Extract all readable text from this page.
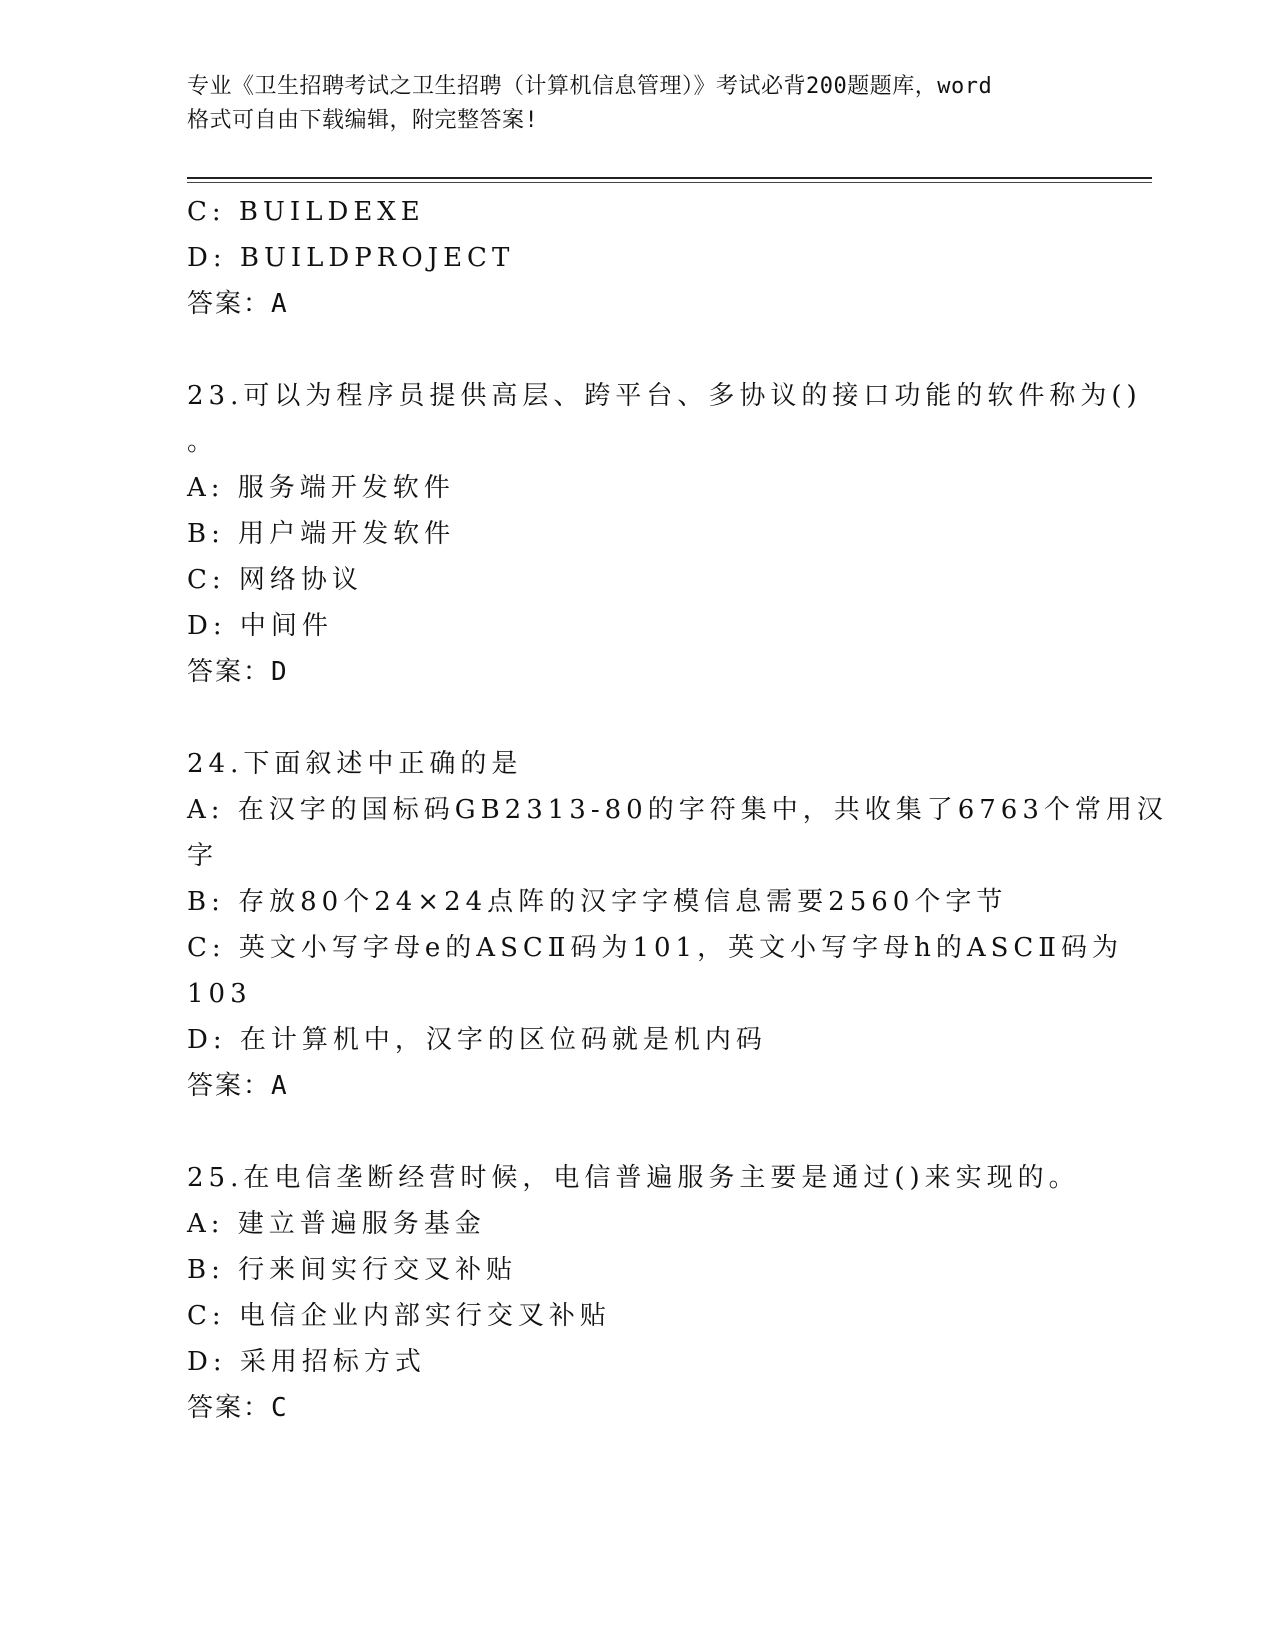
专业《卫生招聘考试之卫生招聘（计算机信息管理）》考试必背200题题库，word
格式可自由下载编辑，附完整答案!
C: BUILDEXE
D: BUILDPROJECT
答案：A
23.可以为程序员提供高层、跨平台、多协议的接口功能的软件称为()
。
A: 服务端开发软件
B: 用户端开发软件
C: 网络协议
D: 中间件
答案：D
24.下面叙述中正确的是
A: 在汉字的国标码GB2313-80的字符集中，共收集了6763个常用汉
字
B: 存放80个24×24点阵的汉字字模信息需要2560个字节
C: 英文小写字母e的ASCⅡ码为101，英文小写字母h的ASCⅡ码为
103
D: 在计算机中，汉字的区位码就是机内码
答案：A
25.在电信垄断经营时候，电信普遍服务主要是通过()来实现的。
A: 建立普遍服务基金
B: 行来间实行交叉补贴
C: 电信企业内部实行交叉补贴
D: 采用招标方式
答案：C
